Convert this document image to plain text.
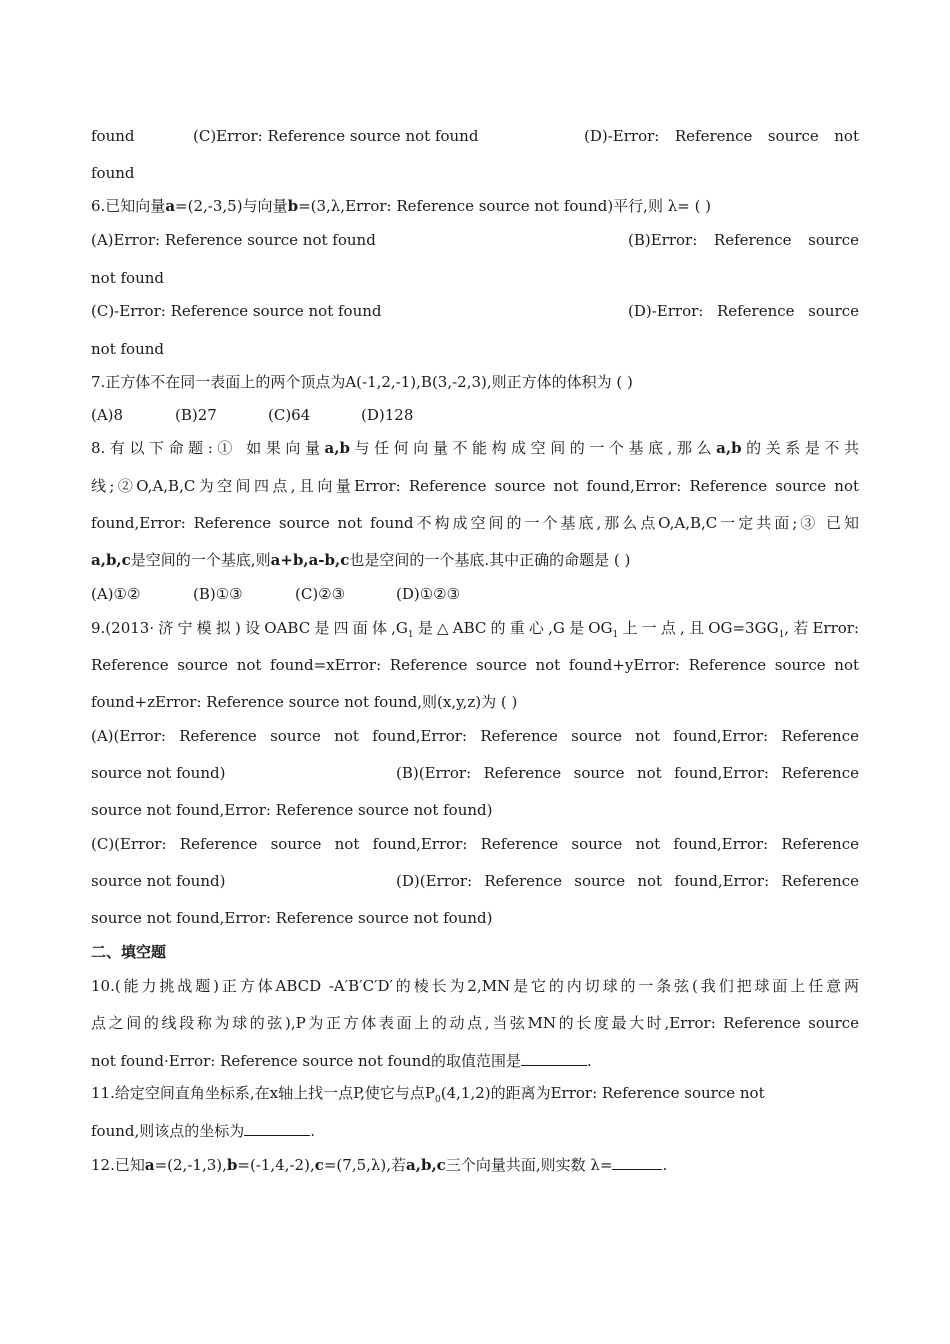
found	(C)Error: Reference source not found	(D)-Error: Reference source not
found
6.已知向量a=(2,-3,5)与向量b=(3,λ,Error: Reference source not found)平行,则 λ= ( )
(A)Error: Reference source not found	(B)Error: Reference source
not found
(C)-Error: Reference source not found	(D)-Error: Reference source
not found
7.正方体不在同一表面上的两个顶点为A(-1,2,-1),B(3,-2,3),则正方体的体积为 ( )
(A)8	(B)27	(C)64	(D)128
8.有以下命题:① 如果向量a,b与任何向量不能构成空间的一个基底,那么a,b的关系是不共
线;②O,A,B,C为空间四点,且向量Error: Reference source not found,Error: Reference source not
found,Error: Reference source not found不构成空间的一个基底,那么点O,A,B,C一定共面;③ 已知
a,b,c是空间的一个基底,则a+b,a-b,c也是空间的一个基底.其中正确的命题是 ( )
(A)①②	(B)①③	(C)②③	(D)①②③
9.(2013·济宁模拟)设OABC是四面体$,G_1$是△ABC的重心,G是$OG_1$上一点,且$OG=3GG_1$,若Error:
Reference source not found=xError: Reference source not found+yError: Reference source not
found+zError: Reference source not found,则(x,y,z)为 ( )
(A)(Error: Reference source not found,Error: Reference source not found,Error: Reference
source not found)	(B)(Error: Reference source not found,Error: Reference
source not found,Error: Reference source not found)
(C)(Error: Reference source not found,Error: Reference source not found,Error: Reference
source not found)	(D)(Error: Reference source not found,Error: Reference
source not found,Error: Reference source not found)
二、填空题
10.(能力挑战题)正方体ABCD -A′B′C′D′的棱长为2,MN是它的内切球的一条弦(我们把球面上任意两
点之间的线段称为球的弦),P为正方体表面上的动点,当弦MN的长度最大时,Error: Reference source
not found·Error: Reference source not found的取值范围是	.
11.给定空间直角坐标系,在x轴上找一点P,使它与点$P_0(4,1,2)$的距离为Error: Reference source not
found,则该点的坐标为	.
12.已知a=(2,-1,3),b=(-1,4,-2),c=(7,5,λ),若a,b,c三个向量共面,则实数 λ=	.
